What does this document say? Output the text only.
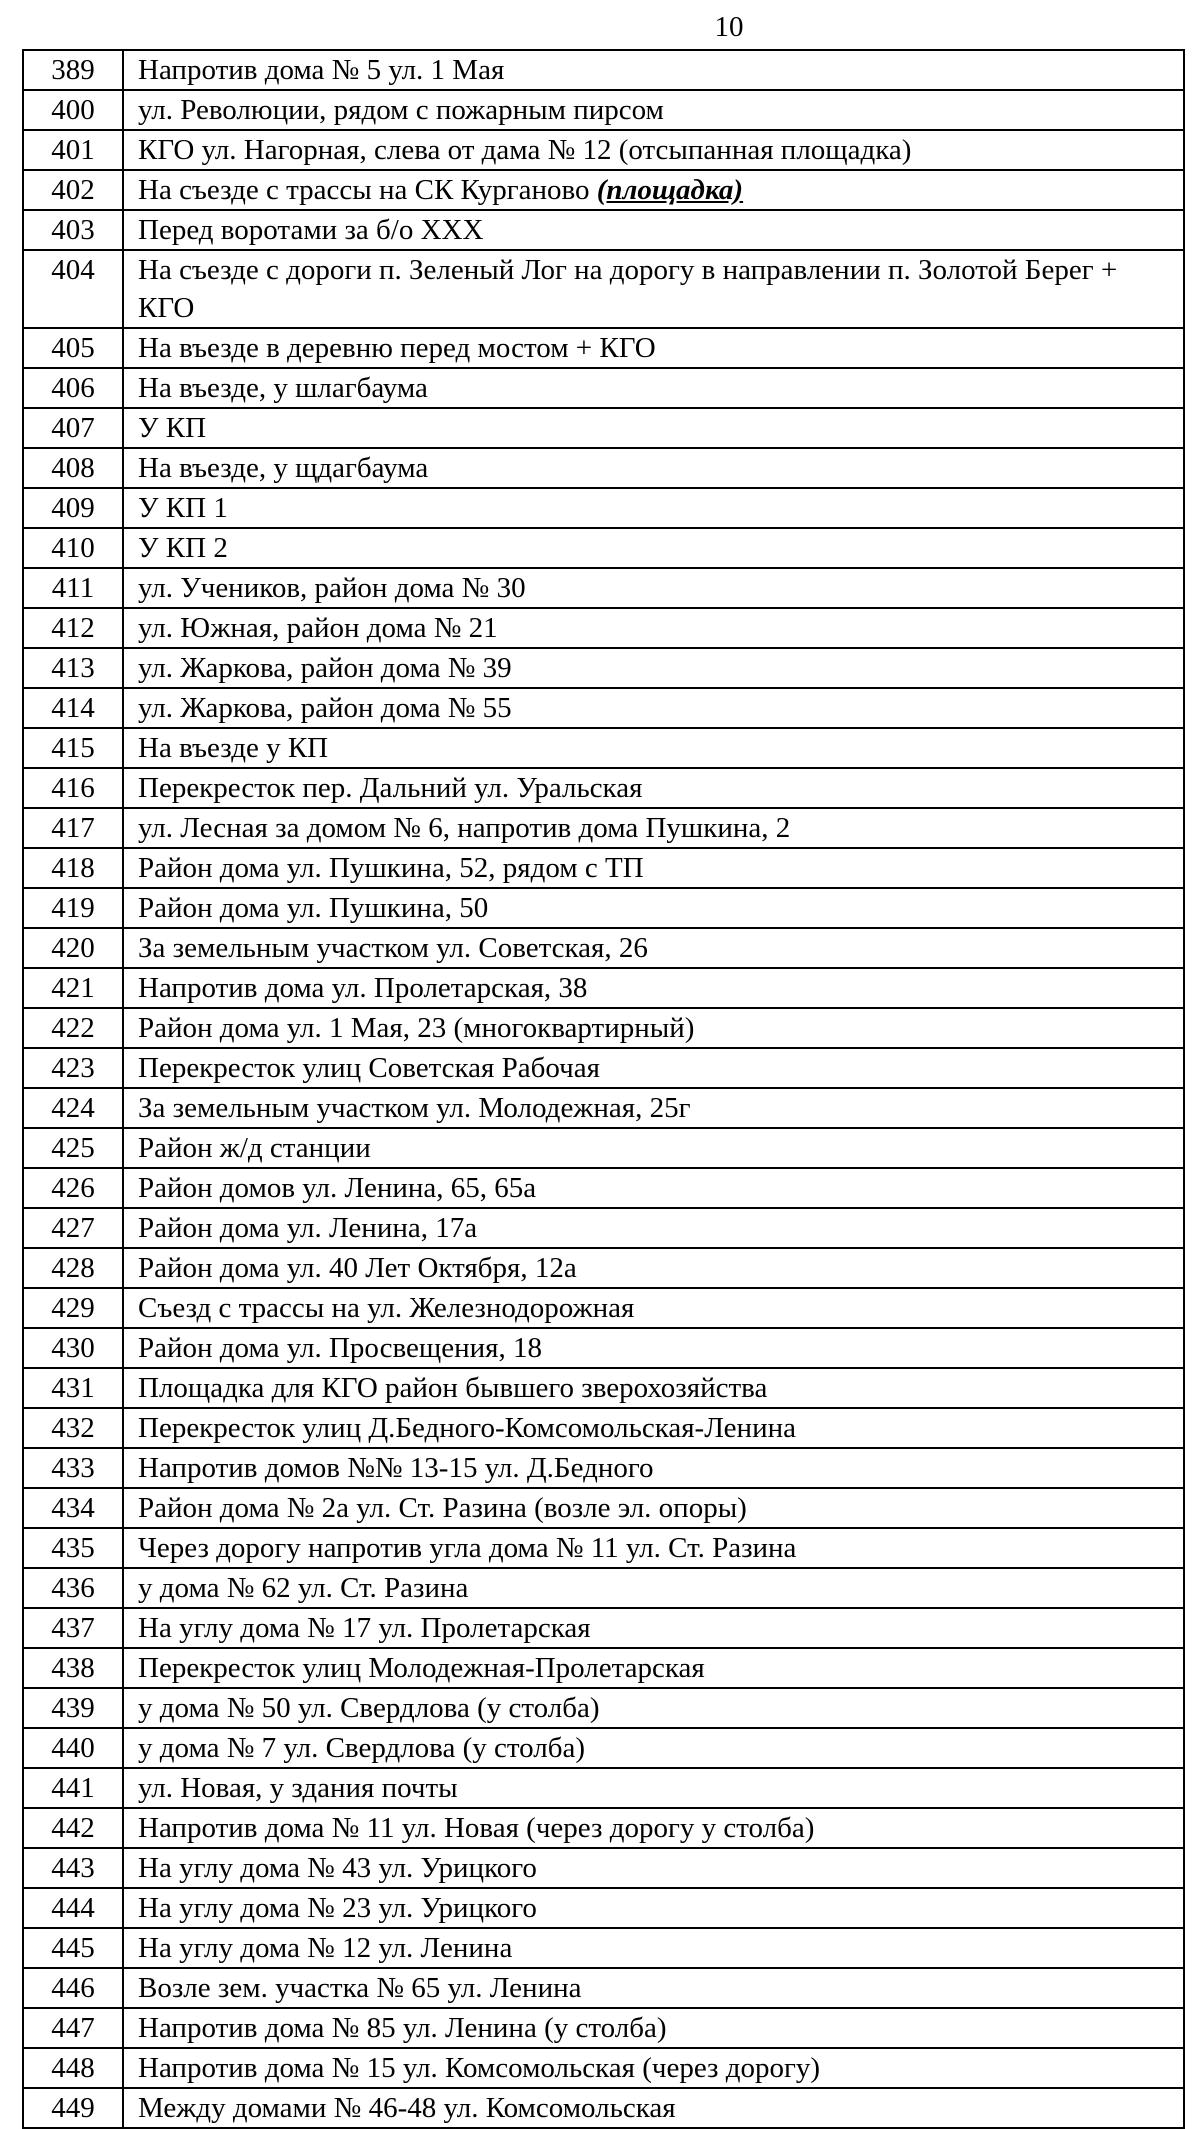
10
389	Напротив дома № 5 ул. 1 Мая
400	ул. Революции, рядом с пожарным пирсом
401	КГО ул. Нагорная, слева от дама № 12 (отсыпанная площадка)
402	На съезде с трассы на СК Курганово (площадка)
403	Перед воротами за б/о ХХХ
404	На съезде с дороги п. Зеленый Лог на дорогу в направлении п. Золотой Берег + КГО
405	На въезде в деревню перед мостом + КГО
406	На въезде, у шлагбаума
407	У КП
408	На въезде, у щдагбаума
409	У КП 1
410	У КП 2
411	ул. Учеников, район дома № 30
412	ул. Южная, район дома № 21
413	ул. Жаркова, район дома № 39
414	ул. Жаркова, район дома № 55
415	На въезде у КП
416	Перекресток пер. Дальний ул. Уральская
417	ул. Лесная за домом № 6, напротив дома Пушкина, 2
418	Район дома ул. Пушкина, 52, рядом с ТП
419	Район дома ул. Пушкина, 50
420	За земельным участком ул. Советская, 26
421	Напротив дома ул. Пролетарская, 38
422	Район дома ул. 1 Мая, 23 (многоквартирный)
423	Перекресток улиц Советская Рабочая
424	За земельным участком ул. Молодежная, 25г
425	Район ж/д станции
426	Район домов ул. Ленина, 65, 65а
427	Район дома ул. Ленина, 17а
428	Район дома ул. 40 Лет Октября, 12а
429	Съезд с трассы на ул. Железнодорожная
430	Район дома ул. Просвещения, 18
431	Площадка для КГО район бывшего зверохозяйства
432	Перекресток улиц Д.Бедного-Комсомольская-Ленина
433	Напротив домов №№ 13-15 ул. Д.Бедного
434	Район дома № 2а ул. Ст. Разина (возле эл. опоры)
435	Через дорогу напротив угла дома № 11 ул. Ст. Разина
436	у дома № 62 ул. Ст. Разина
437	На углу дома № 17 ул. Пролетарская
438	Перекресток улиц Молодежная-Пролетарская
439	у дома № 50 ул. Свердлова (у столба)
440	у дома № 7 ул. Свердлова (у столба)
441	ул. Новая, у здания почты
442	Напротив дома № 11 ул. Новая (через дорогу у столба)
443	На углу дома № 43 ул. Урицкого
444	На углу дома № 23 ул. Урицкого
445	На углу дома № 12 ул. Ленина
446	Возле зем. участка № 65 ул. Ленина
447	Напротив дома № 85 ул. Ленина (у столба)
448	Напротив дома № 15 ул. Комсомольская (через дорогу)
449	Между домами № 46-48 ул. Комсомольская
